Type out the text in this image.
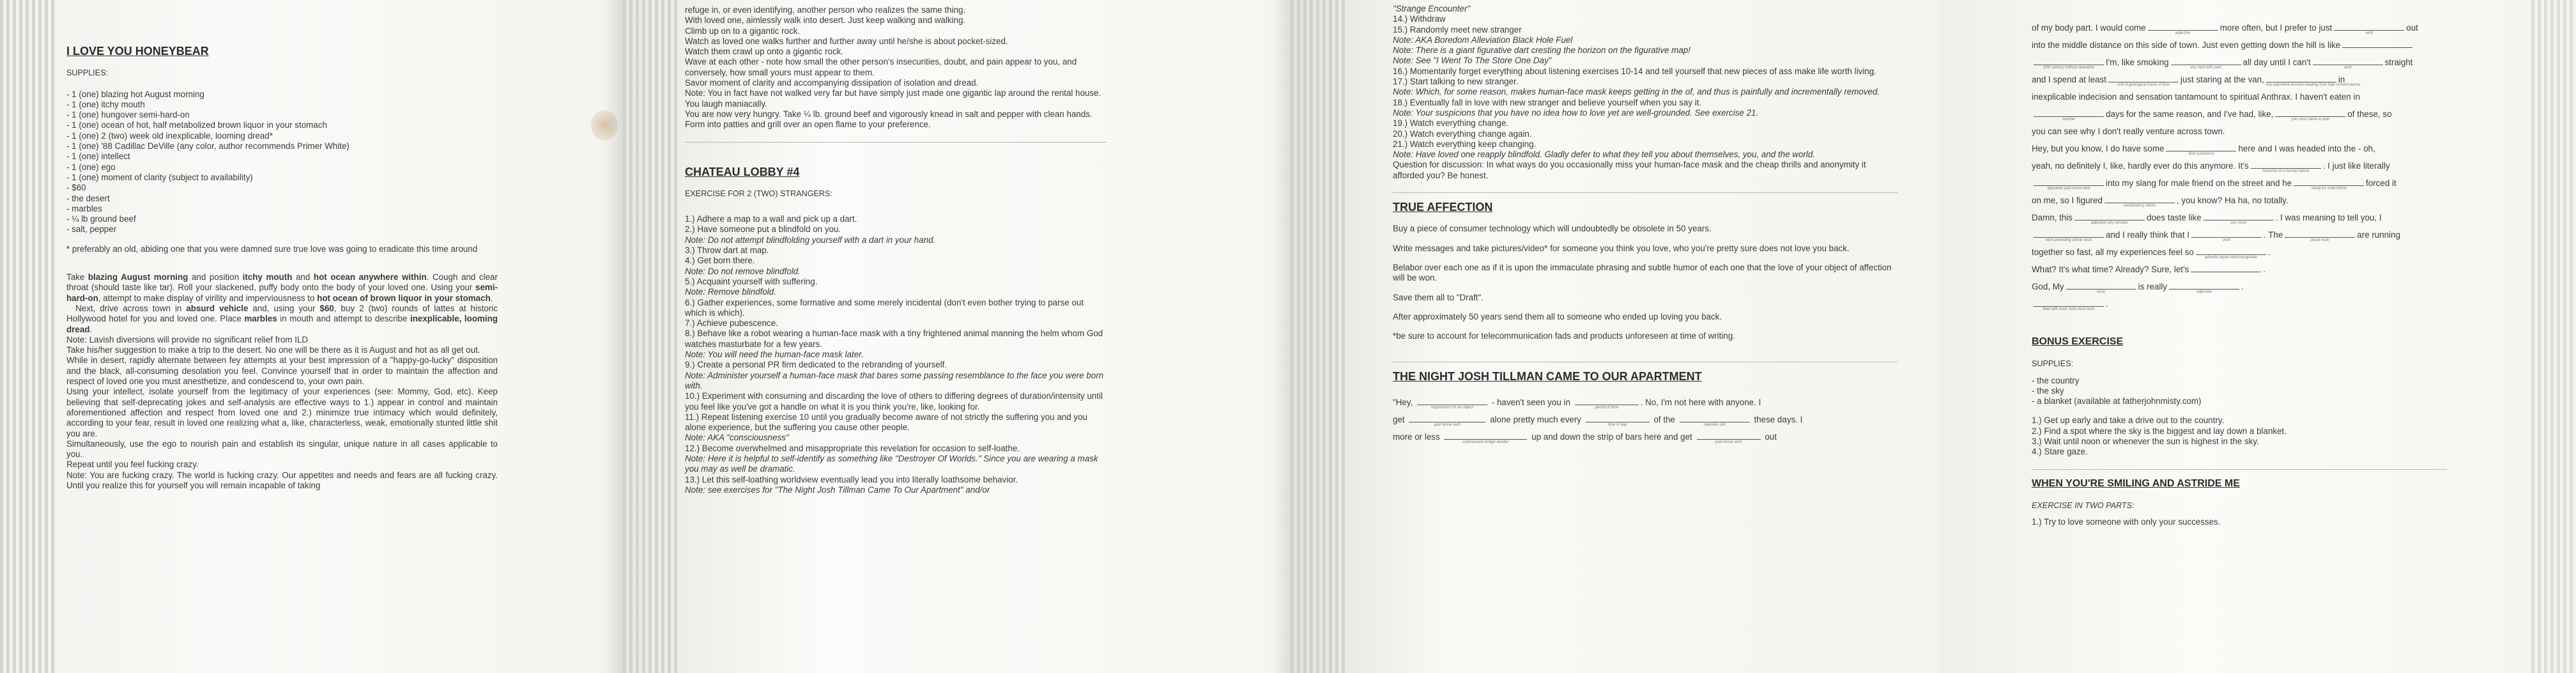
I LOVE YOU HONEYBEAR

SUPPLIES:

- 1 (one) blazing hot August morning

- 1 (one) itchy mouth

- 1 (one) hungover semi-hard-on

- 1 (one) ocean of hot, half metabolized brown liquor in your stomach

- 1 (one) 2 (two) week old inexplicable, looming dread*

- 1 (one) '88 Cadillac DeVille (any color, author recommends Primer White)

- 1 (one) intellect

- 1 (one) ego

- 1 (one) moment of clarity (subject to availability)

- $60

- the desert

- marbles

- ¼ lb ground beef

- salt, pepper

* preferably an old, abiding one that you were damned sure true love was going to eradicate this time around

Take blazing August morning and position itchy mouth and hot ocean anywhere within. Cough and clear throat (should taste like tar). Roll your slackened, puffy body onto the body of your loved one. Using your semi-hard-on, attempt to make display of virility and imperviousness to hot ocean of brown liquor in your stomach.

Next, drive across town in absurd vehicle and, using your $60, buy 2 (two) rounds of lattes at historic Hollywood hotel for you and loved one. Place marbles in mouth and attempt to describe inexplicable, looming dread.

Note: Lavish diversions will provide no significant relief from ILD

Take his/her suggestion to make a trip to the desert. No one will be there as it is August and hot as all get out.

While in desert, rapidly alternate between fey attempts at your best impression of a "happy-go-lucky" disposition and the black, all-consuming desolation you feel. Convince yourself that in order to maintain the affection and respect of loved one you must anesthetize, and condescend to, your own pain.

Using your intellect, isolate yourself from the legitimacy of your experiences (see: Mommy, God, etc). Keep believing that self-deprecating jokes and self-analysis are effective ways to 1.) appear in control and maintain aforementioned affection and respect from loved one and 2.) minimize true intimacy which would definitely, according to your fear, result in loved one realizing what a, like, characterless, weak, emotionally stunted little shit you are.

Simultaneously, use the ego to nourish pain and establish its singular, unique nature in all cases applicable to you.

Repeat until you feel fucking crazy.

Note: You are fucking crazy. The world is fucking crazy. Our appetites and needs and fears are all fucking crazy. Until you realize this for yourself you will remain incapable of taking

refuge in, or even identifying, another person who realizes the same thing.

With loved one, aimlessly walk into desert. Just keep walking and walking.

Climb up on to a gigantic rock.

Watch as loved one walks further and further away until he/she is about pocket-sized.

Watch them crawl up onto a gigantic rock.

Wave at each other - note how small the other person's insecurities, doubt, and pain appear to you, and conversely, how small yours must appear to them.

Savor moment of clarity and accompanying dissipation of isolation and dread.

Note: You in fact have not walked very far but have simply just made one gigantic lap around the rental house. You laugh maniacally.

You are now very hungry. Take ¼ lb. ground beef and vigorously knead in salt and pepper with clean hands. Form into patties and grill over an open flame to your preference.

CHATEAU LOBBY #4

EXERCISE FOR 2 (TWO) STRANGERS:

1.) Adhere a map to a wall and pick up a dart.

2.) Have someone put a blindfold on you.

Note: Do not attempt blindfolding yourself with a dart in your hand.

3.) Throw dart at map.

4.) Get born there.

Note: Do not remove blindfold.

5.) Acquaint yourself with suffering.

Note: Remove blindfold.

6.) Gather experiences, some formative and some merely incidental (don't even bother trying to parse out which is which).

7.) Achieve pubescence.

8.) Behave like a robot wearing a human-face mask with a tiny frightened animal manning the helm whom God watches masturbate for a few years.

Note: You will need the human-face mask later.

9.) Create a personal PR firm dedicated to the rebranding of yourself.

Note: Administer yourself a human-face mask that bares some passing resemblance to the face you were born with.

10.) Experiment with consuming and discarding the love of others to differing degrees of duration/intensity until you feel like you've got a handle on what it is you think you're, like, looking for.

11.) Repeat listening exercise 10 until you gradually become aware of not strictly the suffering you and you alone experience, but the suffering you cause other people.

Note: AKA "consciousness"

12.) Become overwhelmed and misappropriate this revelation for occasion to self-loathe.

Note: Here it is helpful to self-identify as something like "Destroyer Of Worlds." Since you are wearing a mask you may as well be dramatic.

13.) Let this self-loathing worldview eventually lead you into literally loathsome behavior.

Note: see exercises for "The Night Josh Tillman Came To Our Apartment" and/or

"Strange Encounter"

14.) Withdraw

15.) Randomly meet new stranger

Note: AKA Boredom Alleviation Black Hole Fuel

Note: There is a giant figurative dart cresting the horizon on the figurative map!

Note: See "I Went To The Store One Day"

16.) Momentarily forget everything about listening exercises 10-14 and tell yourself that new pieces of ass make life worth living.

17.) Start talking to new stranger.

Note: Which, for some reason, makes human-face mask keeps getting in the of, and thus is painfully and incrementally removed.

18.) Eventually fall in love with new stranger and believe yourself when you say it.

Note: Your suspicions that you have no idea how to love yet are well-grounded. See exercise 21.

19.) Watch everything change.

20.) Watch everything change again.

21.) Watch everything keep changing.

Note: Have loved one reapply blindfold. Gladly defer to what they tell you about themselves, you, and the world.

Question for discussion: In what ways do you occasionally miss your human-face mask and the cheap thrills and anonymity it afforded you? Be honest.

TRUE AFFECTION

Buy a piece of consumer technology which will undoubtedly be obsolete in 50 years.

Write messages and take pictures/video* for someone you think you love, who you're pretty sure does not love you back.

Belabor over each one as if it is upon the immaculate phrasing and subtle humor of each one that the love of your object of affection will be won.

Save them all to "Draft".

After approximately 50 years send them all to someone who ended up loving you back.

*be sure to account for telecommunication fads and products unforeseen at time of writing.

THE NIGHT JOSH TILLMAN CAME TO OUR APARTMENT
"Hey,
euphemism for an object
- haven't seen you in
period of time
. No, I'm not here with anyone. I
get
past tense verb
alone pretty much every
time of day
of the
calendar unit
these days. I
more or less
substandard bridge dweller
up and down the strip of bars here and get
past tense verb
out
of my body part. I would come
adjective
more often, but I prefer to just
verb
out
into the middle distance on this side of town. Just even getting down the hill is like
20th century military operation
I'm, like smoking
any verb with past
all day until I can't
verb
straight
and I spend at least
unit of geological frame of time
just staring at the van,
any pejorative emotion leading from high school trauma
in
inexplicable indecision and sensation tantamount to spiritual Anthrax. I haven't eaten in
number
days for the same reason, and I've had, like,
you must name a year
of these, so
you can see why I don't really venture across town.
Hey, but you know, I do have some
illicit substance
here and I was headed into the - oh,
yeah, no definitely I, like, hardly ever do this anymore. It's
hardship of a mental nature
. I just like literally
figurative past tense verb
into my slang for male friend on the street and he
slang for male friend
forced it
on me, so I figured
exclamatory cliche
, you know? Ha ha, no totally.
Damn, this
adjective any minutes
does taste like
any noun
. I was meaning to tell you, I
verb preceding article noun
and I really think that I
verb
. The
plural noun
are running
together so fast, all my experiences feel so
adverbs equal interchangeable
.
What? It's what time? Already? Sure, let's	.
God, My
noun
is really
adjective
.
fleet with truck verb must work
.
BONUS EXERCISE

SUPPLIES:

- the country

- the sky

- a blanket (available at fatherjohnmisty.com)

1.) Get up early and take a drive out to the country.

2.) Find a spot where the sky is the biggest and lay down a blanket.

3.) Wait until noon or whenever the sun is highest in the sky.

4.) Stare gaze.

WHEN YOU'RE SMILING AND ASTRIDE ME

EXERCISE IN TWO PARTS:

1.) Try to love someone with only your successes.
